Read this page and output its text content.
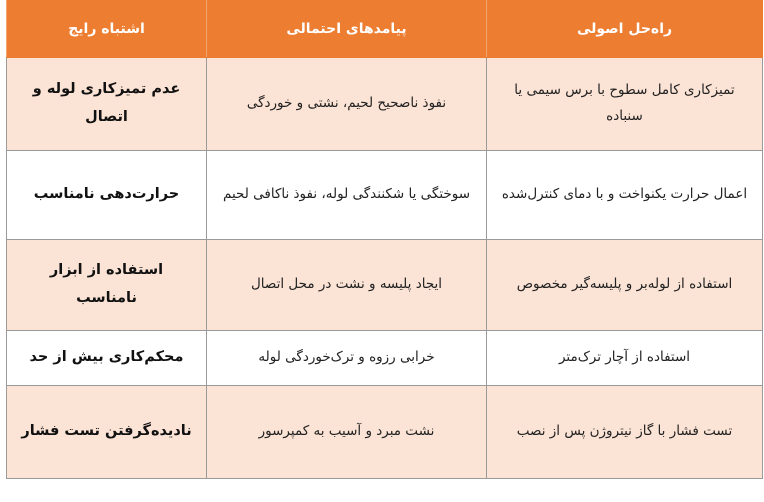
راه‌حل اصولی	پیامدهای احتمالی	اشتباه رایج
تمیزکاری کامل سطوح با برس سیمی یا سنباده	نفوذ ناصحیح لحیم، نشتی و خوردگی	عدم تمیزکاری لوله و اتصال
اعمال حرارت یکنواخت و با دمای کنترل‌شده	سوختگی یا شکنندگی لوله، نفوذ ناکافی لحیم	حرارت‌دهی نامناسب
استفاده از لوله‌بر و پلیسه‌گیر مخصوص	ایجاد پلیسه و نشت در محل اتصال	استفاده از ابزار نامناسب
استفاده از آچار ترک‌متر	خرابی رزوه و ترک‌خوردگی لوله	محکم‌کاری بیش از حد
تست فشار با گاز نیتروژن پس از نصب	نشت مبرد و آسیب به کمپرسور	نادیده‌گرفتن تست فشار
